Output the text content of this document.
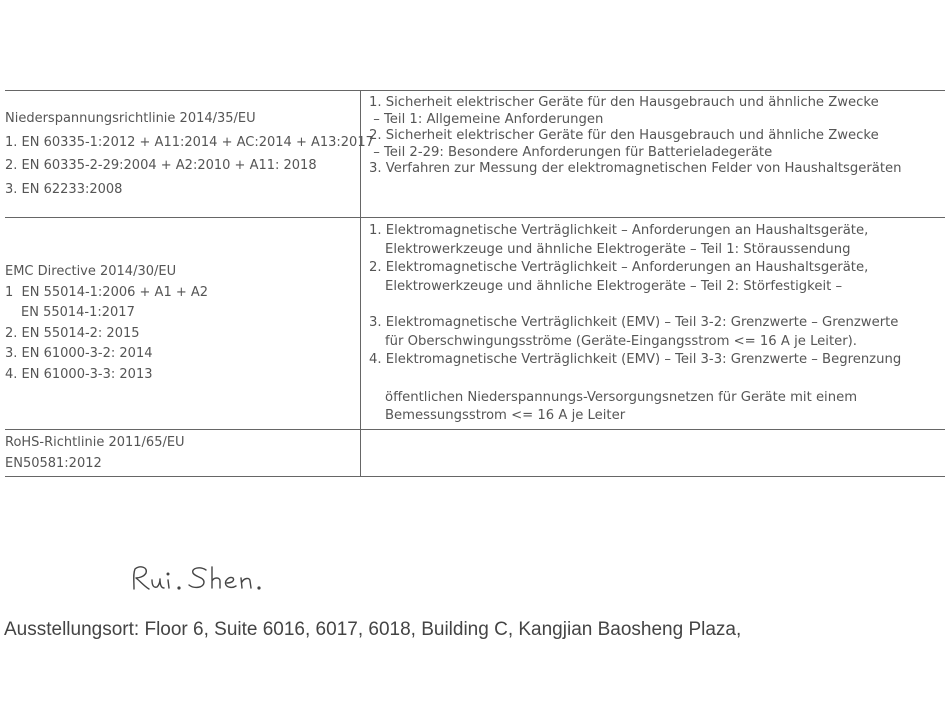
Niederspannungsrichtlinie 2014/35/EU
1. EN 60335-1:2012 + A11:2014 + AC:2014 + A13:2017
2. EN 60335-2-29:2004 + A2:2010 + A11: 2018
3. EN 62233:2008
1. Sicherheit elektrischer Geräte für den Hausgebrauch und ähnliche Zwecke
– Teil 1: Allgemeine Anforderungen
2. Sicherheit elektrischer Geräte für den Hausgebrauch und ähnliche Zwecke
– Teil 2-29: Besondere Anforderungen für Batterieladegeräte
3. Verfahren zur Messung der elektromagnetischen Felder von Haushaltsgeräten
EMC Directive 2014/30/EU
1  EN 55014-1:2006 + A1 + A2
EN 55014-1:2017
2. EN 55014-2: 2015
3. EN 61000-3-2: 2014
4. EN 61000-3-3: 2013
1. Elektromagnetische Verträglichkeit – Anforderungen an Haushaltsgeräte,
Elektrowerkzeuge und ähnliche Elektrogeräte – Teil 1: Störaussendung
2. Elektromagnetische Verträglichkeit – Anforderungen an Haushaltsgeräte,
Elektrowerkzeuge und ähnliche Elektrogeräte – Teil 2: Störfestigkeit –
3. Elektromagnetische Verträglichkeit (EMV) – Teil 3-2: Grenzwerte – Grenzwerte
für Oberschwingungsströme (Geräte-Eingangsstrom <= 16 A je Leiter).
4. Elektromagnetische Verträglichkeit (EMV) – Teil 3-3: Grenzwerte – Begrenzung
öffentlichen Niederspannungs-Versorgungsnetzen für Geräte mit einem
Bemessungsstrom <= 16 A je Leiter
RoHS-Richtlinie 2011/65/EU
EN50581:2012
Ausstellungsort: Floor 6, Suite 6016, 6017, 6018, Building C, Kangjian Baosheng Plaza,
